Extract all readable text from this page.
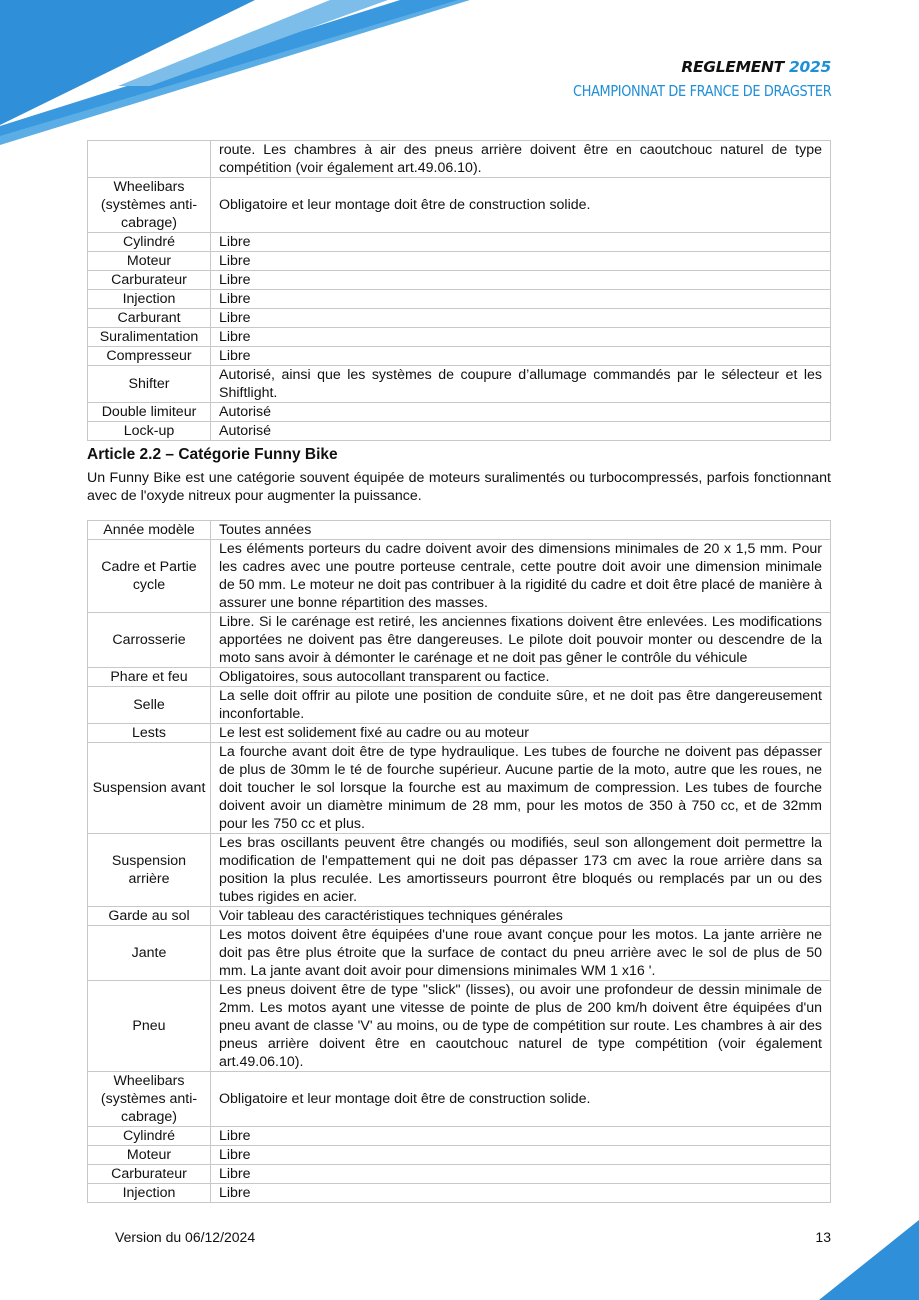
REGLEMENT 2025
CHAMPIONNAT DE FRANCE DE DRAGSTER
	route. Les chambres à air des pneus arrière doivent être en caoutchouc naturel de type compétition (voir également art.49.06.10).
Wheelibars (systèmes anti-cabrage)	Obligatoire et leur montage doit être de construction solide.
Cylindré	Libre
Moteur	Libre
Carburateur	Libre
Injection	Libre
Carburant	Libre
Suralimentation	Libre
Compresseur	Libre
Shifter	Autorisé, ainsi que les systèmes de coupure d’allumage commandés par le sélecteur et les Shiftlight.
Double limiteur	Autorisé
Lock-up	Autorisé
Article 2.2 – Catégorie Funny Bike
Un Funny Bike est une catégorie souvent équipée de moteurs suralimentés ou turbocompressés, parfois fonctionnant avec de l'oxyde nitreux pour augmenter la puissance.
Année modèle	Toutes années
Cadre et Partie cycle	Les éléments porteurs du cadre doivent avoir des dimensions minimales de 20 x 1,5 mm. Pour les cadres avec une poutre porteuse centrale, cette poutre doit avoir une dimension minimale de 50 mm. Le moteur ne doit pas contribuer à la rigidité du cadre et doit être placé de manière à assurer une bonne répartition des masses.
Carrosserie	Libre. Si le carénage est retiré, les anciennes fixations doivent être enlevées. Les modifications apportées ne doivent pas être dangereuses. Le pilote doit pouvoir monter ou descendre de la moto sans avoir à démonter le carénage et ne doit pas gêner le contrôle du véhicule
Phare et feu	Obligatoires, sous autocollant transparent ou factice.
Selle	La selle doit offrir au pilote une position de conduite sûre, et ne doit pas être dangereusement inconfortable.
Lests	Le lest est solidement fixé au cadre ou au moteur
Suspension avant	La fourche avant doit être de type hydraulique. Les tubes de fourche ne doivent pas dépasser de plus de 30mm le té de fourche supérieur. Aucune partie de la moto, autre que les roues, ne doit toucher le sol lorsque la fourche est au maximum de compression. Les tubes de fourche doivent avoir un diamètre minimum de 28 mm, pour les motos de 350 à 750 cc, et de 32mm pour les 750 cc et plus.
Suspension arrière	Les bras oscillants peuvent être changés ou modifiés, seul son allongement doit permettre la modification de l'empattement qui ne doit pas dépasser 173 cm avec la roue arrière dans sa position la plus reculée. Les amortisseurs pourront être bloqués ou remplacés par un ou des tubes rigides en acier.
Garde au sol	Voir tableau des caractéristiques techniques générales
Jante	Les motos doivent être équipées d'une roue avant conçue pour les motos. La jante arrière ne doit pas être plus étroite que la surface de contact du pneu arrière avec le sol de plus de 50 mm. La jante avant doit avoir pour dimensions minimales WM 1 x16 '.
Pneu	Les pneus doivent être de type "slick" (lisses), ou avoir une profondeur de dessin minimale de 2mm. Les motos ayant une vitesse de pointe de plus de 200 km/h doivent être équipées d'un pneu avant de classe 'V' au moins, ou de type de compétition sur route. Les chambres à air des pneus arrière doivent être en caoutchouc naturel de type compétition (voir également art.49.06.10).
Wheelibars (systèmes anti-cabrage)	Obligatoire et leur montage doit être de construction solide.
Cylindré	Libre
Moteur	Libre
Carburateur	Libre
Injection	Libre
Version du 06/12/2024	13
